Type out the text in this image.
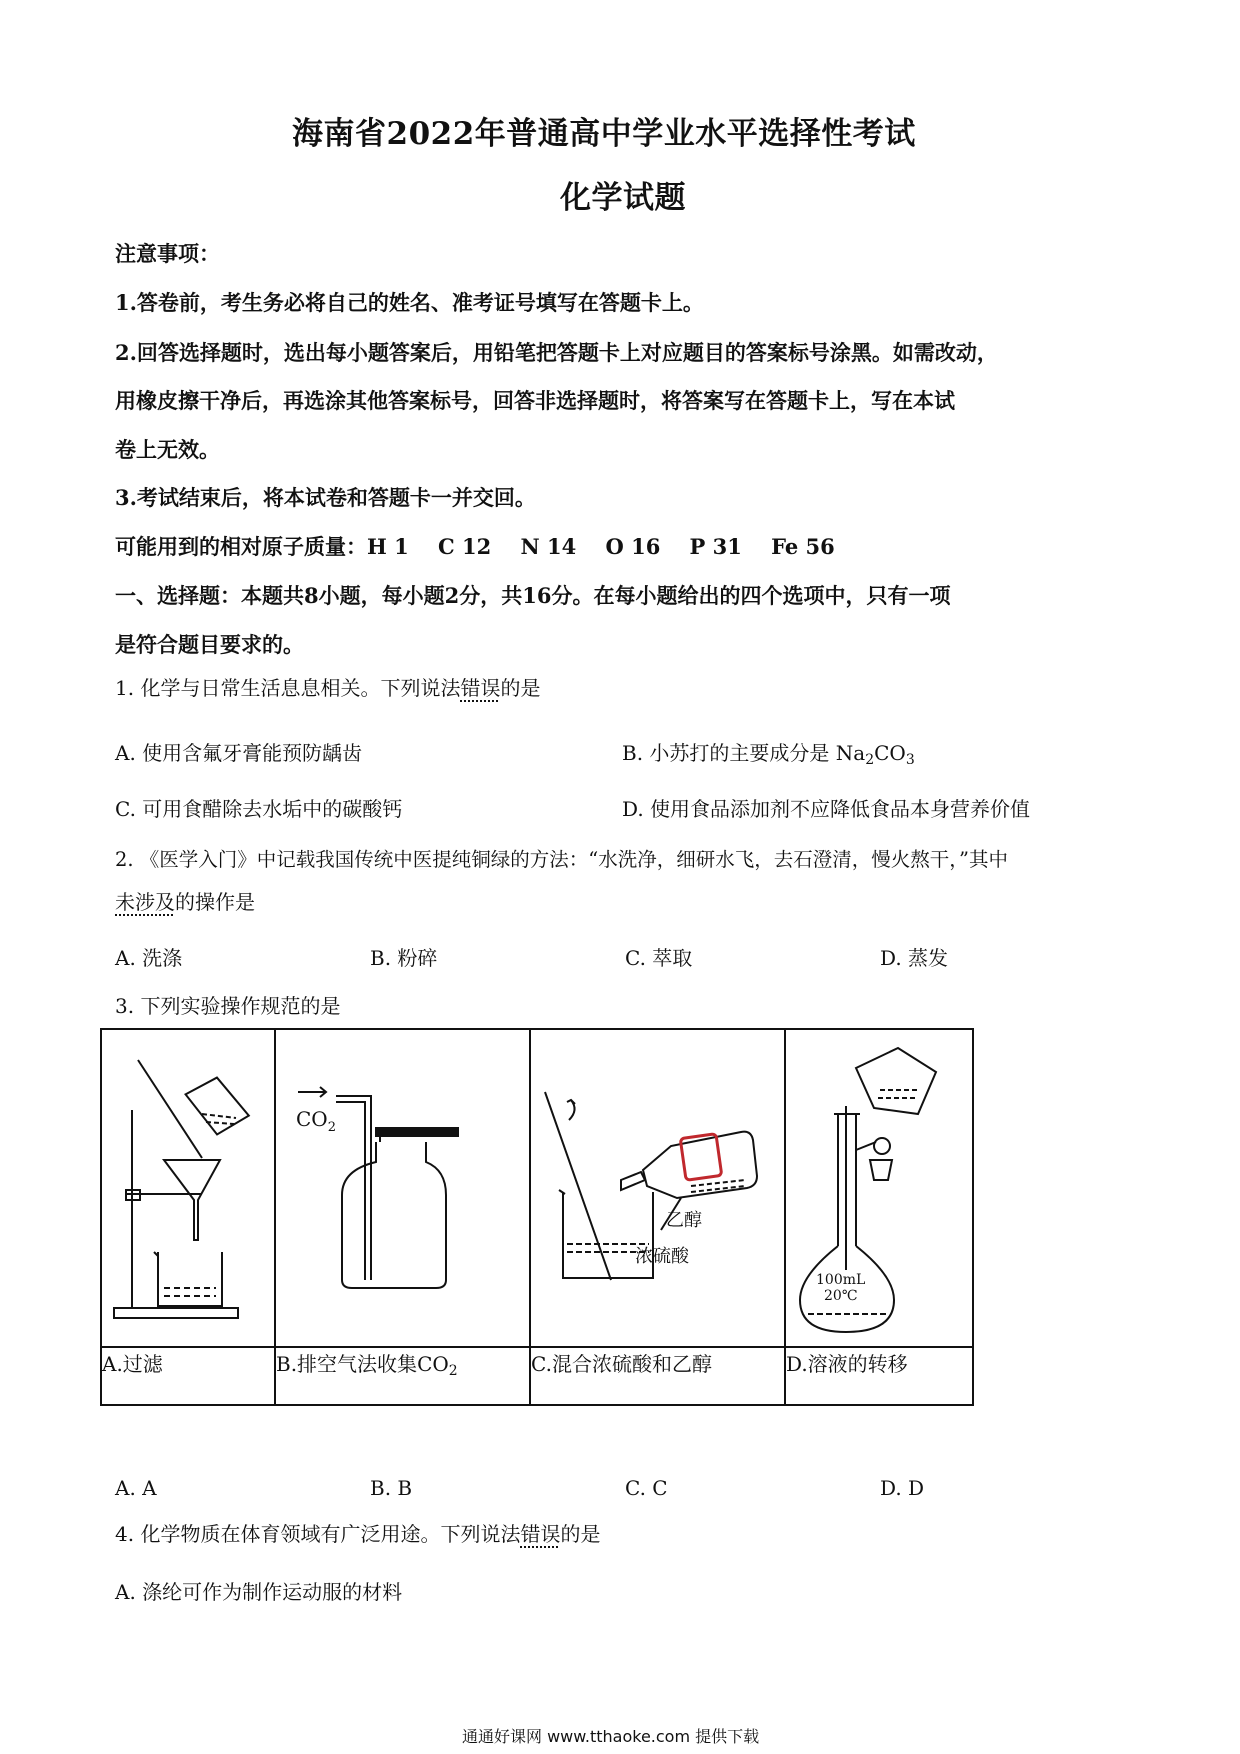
海南省2022年普通高中学业水平选择性考试
化学试题
注意事项：
1.答卷前，考生务必将自己的姓名、准考证号填写在答题卡上。
2.回答选择题时，选出每小题答案后，用铅笔把答题卡上对应题目的答案标号涂黑。如需改动，
用橡皮擦干净后，再选涂其他答案标号，回答非选择题时，将答案写在答题卡上，写在本试
卷上无效。
3.考试结束后，将本试卷和答题卡一并交回。
可能用到的相对原子质量：H 1    C 12    N 14    O 16    P 31    Fe 56
一、选择题：本题共8小题，每小题2分，共16分。在每小题给出的四个选项中，只有一项
是符合题目要求的。
1. 化学与日常生活息息相关。下列说法错误的是
A. 使用含氟牙膏能预防龋齿	B. 小苏打的主要成分是 $Na_2CO_3$
C. 可用食醋除去水垢中的碳酸钙	D. 使用食品添加剂不应降低食品本身营养价值
2. 《医学入门》中记载我国传统中医提纯铜绿的方法：“水洗净，细研水飞，去石澄清，慢火熬干，”其中
未涉及的操作是
A. 洗涤	B. 粉碎	C. 萃取	D. 蒸发
3. 下列实验操作规范的是

$CO_2$	乙醇
浓硫酸	100mL
20℃

A.过滤	B.排空气法收集$CO_2$	C.混合浓硫酸和乙醇	D.溶液的转移
A. A	B. B	C. C	D. D
4. 化学物质在体育领域有广泛用途。下列说法错误的是
A. 涤纶可作为制作运动服的材料
通通好课网 www.tthaoke.com 提供下载
